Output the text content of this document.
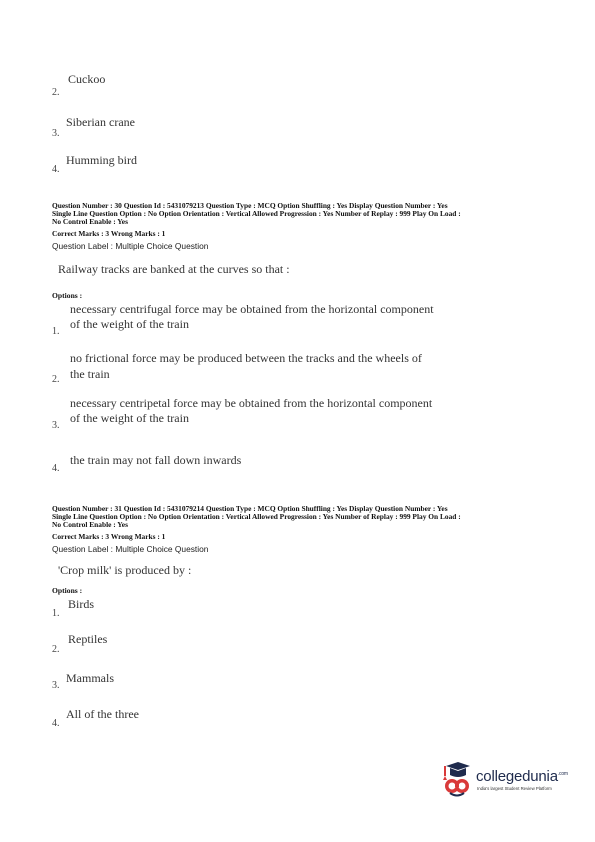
Cuckoo
2.
Siberian crane
3.
Humming bird
4.
Question Number : 30 Question Id : 5431079213 Question Type : MCQ Option Shuffling : Yes Display Question Number : Yes
Single Line Question Option : No Option Orientation : Vertical Allowed Progression : Yes Number of Replay : 999 Play On Load :
No Control Enable : Yes
Correct Marks : 3 Wrong Marks : 1
Question Label : Multiple Choice Question
Railway tracks are banked at the curves so that :
Options :
necessary centrifugal force may be obtained from the horizontal component
of the weight of the train
1.
no frictional force may be produced between the tracks and the wheels of
the train
2.
necessary centripetal force may be obtained from the horizontal component
of the weight of the train
3.
the train may not fall down inwards
4.
Question Number : 31 Question Id : 5431079214 Question Type : MCQ Option Shuffling : Yes Display Question Number : Yes
Single Line Question Option : No Option Orientation : Vertical Allowed Progression : Yes Number of Replay : 999 Play On Load :
No Control Enable : Yes
Correct Marks : 3 Wrong Marks : 1
Question Label : Multiple Choice Question
'Crop milk' is produced by :
Options :
Birds
1.
Reptiles
2.
Mammals
3.
All of the three
4.
collegedunia$^{.com}$
India's largest Student Review Platform
